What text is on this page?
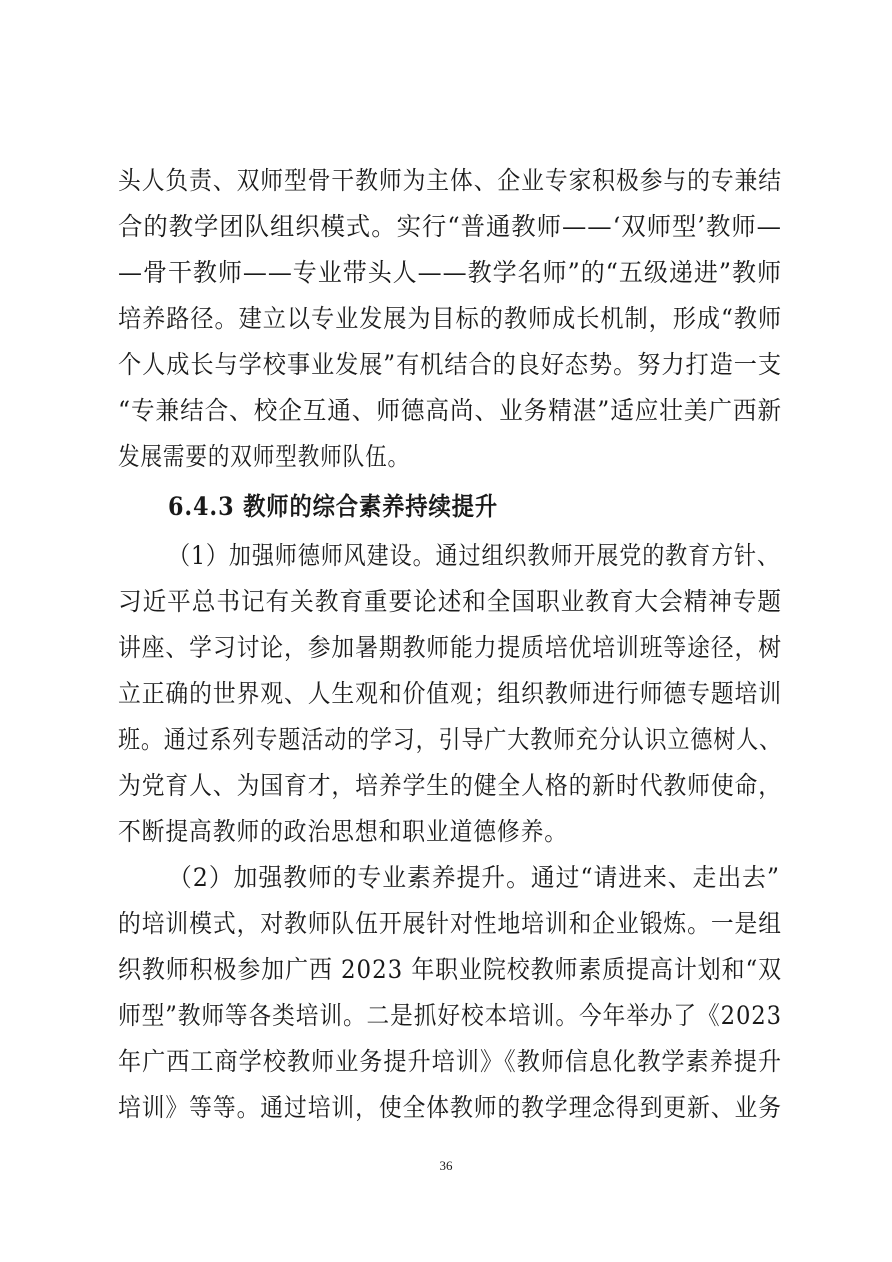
头人负责、双师型骨干教师为主体、企业专家积极参与的专兼结
合的教学团队组织模式。实行“普通教师——‘双师型’教师—
—骨干教师——专业带头人——教学名师”的“五级递进”教师
培养路径。建立以专业发展为目标的教师成长机制，形成“教师
个人成长与学校事业发展”有机结合的良好态势。努力打造一支
“专兼结合、校企互通、师德高尚、业务精湛”适应壮美广西新
发展需要的双师型教师队伍。
6.4.3 教师的综合素养持续提升
（1）加强师德师风建设。通过组织教师开展党的教育方针、
习近平总书记有关教育重要论述和全国职业教育大会精神专题
讲座、学习讨论，参加暑期教师能力提质培优培训班等途径，树
立正确的世界观、人生观和价值观；组织教师进行师德专题培训
班。通过系列专题活动的学习，引导广大教师充分认识立德树人、
为党育人、为国育才，培养学生的健全人格的新时代教师使命，
不断提高教师的政治思想和职业道德修养。
（2）加强教师的专业素养提升。通过“请进来、走出去”
的培训模式，对教师队伍开展针对性地培训和企业锻炼。一是组
织教师积极参加广西 2023 年职业院校教师素质提高计划和“双
师型”教师等各类培训。二是抓好校本培训。今年举办了《2023
年广西工商学校教师业务提升培训》《教师信息化教学素养提升
培训》等等。通过培训，使全体教师的教学理念得到更新、业务
36
